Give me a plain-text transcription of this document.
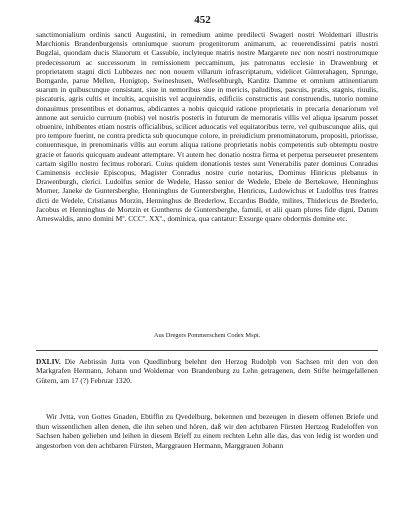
452
sanctimonialium ordinis sancti Augustini, in remedium anime predilecti Swageri nostri Woldemari illustris Marchionis Brandenburgensis omniumque suorum progenitorum animarum, ac reuerendissimi patris nostri Bugzlai, quondam ducis Slauorum et Cassubie, inclyteque matris nostre Margarete nec non nostri nostrorumque predecessorum ac successorum in remissionem peccaminum, jus patronatus ecclesie in Drawenburg et proprietatem stagni dicti Lubbezes nec non nouem villarum infrascriptarum, videlicet Günterahagen, Sprunge, Bomgarde, parue Mellen, Honigtop, Swineshusen, Welfesehburgh, Karditz Damme et omnium attinentiarum suarum in quibuscunque consistant, siue in nemoribus siue in mericis, paludibus, pascuis, pratis, stagnis, riuulis, piscaturis, agris cultis et incultis, acquisitis vel acquirendis, edificiis constructis aut construendis, tutorio nomine donauimus presentibus et donamus, abdicantes a nobis quicquid ratione proprietatis in precaria denariorum vel annone aut seruicio curruum (nobis) vel nostris posteris in futurum de memoratis villis vel aliqua ipsarum posset obuenire, inhibentes etiam nostris officialibus, scilicet aduocatis vel equitatoribus terre, vel quibuscunque aliis, qui pro tempore fuerint, ne contra predicta sub quocunque colore, in preiudicium prenominatorum, propositi, priorisse, conuentusque, in prenominatis villis aut eorum aliqua ratione proprietatis nobis competentis sub obtemptu nostre gracie et fauoris quicquam audeant attemptare. Vt autem hec donatio nostra firma et perpetua perseueret presentem cartam sigillo nostro fecimus roborari. Cuius quidem donationis testes sunt Venerabilis pater dominus Conradus Caminensis ecclesie Episcopus, Magister Conradus nostre curie notarius, Dominus Hinricus plebanus in Drawenburgh, clerici. Ludolfus senior de Wedele, Hasso senior de Wedele, Ebele de Bertekowe, Henninghus Morner, Janeke de Guntersberghe, Henninghus de Guntersberghe, Henricus, Ludowichus et Ludolfus tres fratres dicti de Wedele, Cristianus Morzin, Henninghus de Brederlow, Eccardus Budde, milites, Thidericus de Brederlo, Jacobus et Henninghus de Mortzin et Guntherus de Guntersberghe, famuli, et alii quam plures fide digni. Datum Arneswaldis, anno domini Mº. CCCº. XXº., dominica, qua cantatur: Exsurge quare obdormis domine etc.
Aus Dregers Pommerschem Codex Mspt.
DXLIV. Die Aebtissin Jutta von Quedlinburg belehnt den Herzog Rudolph von Sachsen mit den von den Markgrafen Hermann, Johann und Woldemar von Brandenburg zu Lehn getragenen, dem Stifte heimgefallenen Gütern, am 17 (?) Februar 1320.
Wir Jvtta, von Gottes Gnaden, Ebtiffin zu Qvedelburg, bekennen und bezeugen in diesem offenen Briefe und thun wissentlichen allen denen, die ihn sehen und hören, daß wir den achtbaren Fürsten Hertzog Rudeloffen von Sachsen haben geliehen und leihen in diesem Brieff zu einem rechten Lehn alle das, das von ledig ist worden und angestorben von den achtbaren Fürsten, Marggrauen Hermann, Marggrauen Johann
